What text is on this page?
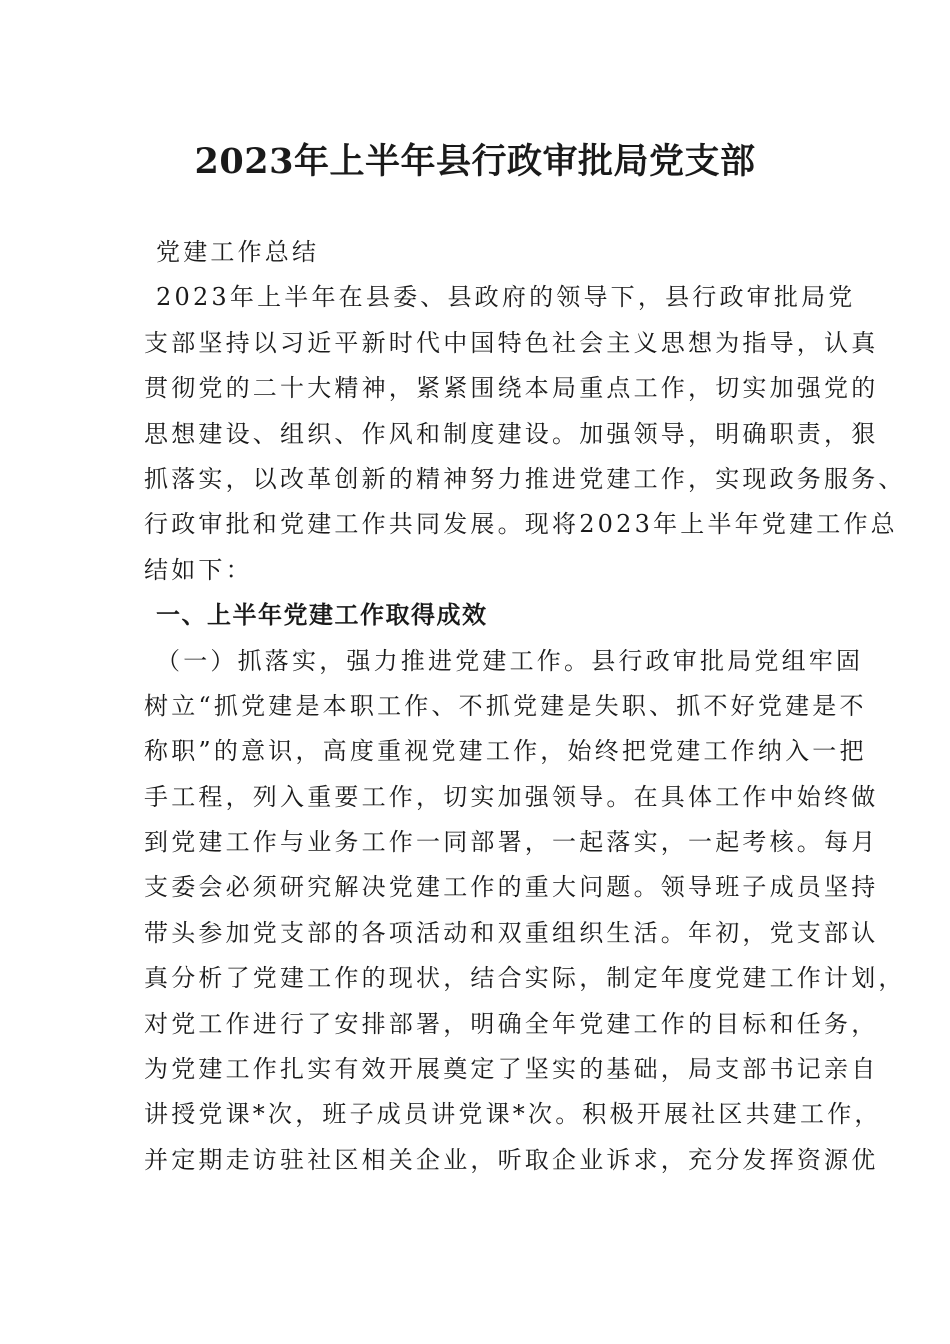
2023年上半年县行政审批局党支部
党建工作总结
2023年上半年在县委、县政府的领导下，县行政审批局党
支部坚持以习近平新时代中国特色社会主义思想为指导，认真
贯彻党的二十大精神，紧紧围绕本局重点工作，切实加强党的
思想建设、组织、作风和制度建设。加强领导，明确职责，狠
抓落实，以改革创新的精神努力推进党建工作，实现政务服务、
行政审批和党建工作共同发展。现将2023年上半年党建工作总
结如下：
一、上半年党建工作取得成效
（一）抓落实，强力推进党建工作。县行政审批局党组牢固
树立“抓党建是本职工作、不抓党建是失职、抓不好党建是不
称职”的意识，高度重视党建工作，始终把党建工作纳入一把
手工程，列入重要工作，切实加强领导。在具体工作中始终做
到党建工作与业务工作一同部署，一起落实，一起考核。每月
支委会必须研究解决党建工作的重大问题。领导班子成员坚持
带头参加党支部的各项活动和双重组织生活。年初，党支部认
真分析了党建工作的现状，结合实际，制定年度党建工作计划，
对党工作进行了安排部署，明确全年党建工作的目标和任务，
为党建工作扎实有效开展奠定了坚实的基础，局支部书记亲自
讲授党课*次，班子成员讲党课*次。积极开展社区共建工作，
并定期走访驻社区相关企业，听取企业诉求，充分发挥资源优
